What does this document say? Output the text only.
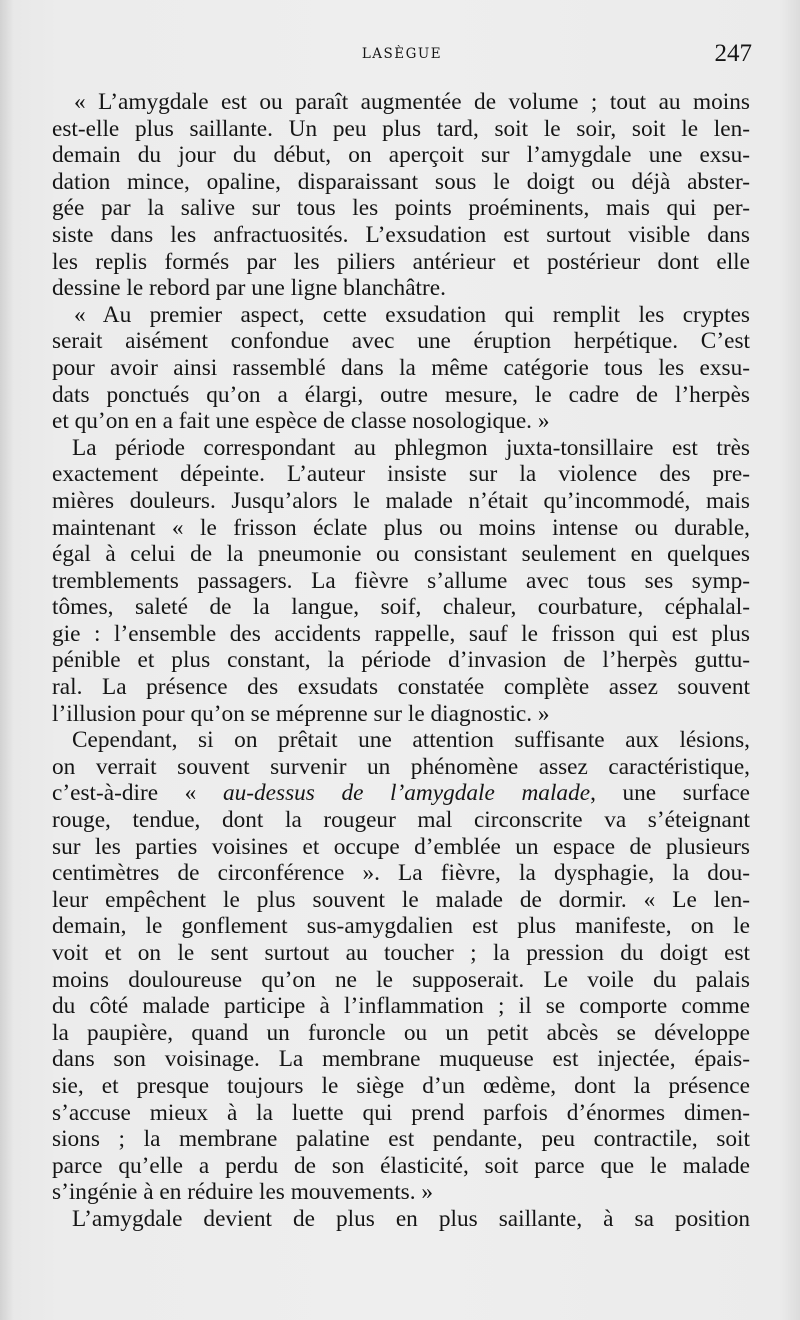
LASÈGUE	247

« L’amygdale est ou paraît augmentée de volume ; tout au moins

est-elle plus saillante. Un peu plus tard, soit le soir, soit le len-

demain du jour du début, on aperçoit sur l’amygdale une exsu-

dation mince, opaline, disparaissant sous le doigt ou déjà abster-

gée par la salive sur tous les points proéminents, mais qui per-

siste dans les anfractuosités. L’exsudation est surtout visible dans

les replis formés par les piliers antérieur et postérieur dont elle

dessine le rebord par une ligne blanchâtre.

« Au premier aspect, cette exsudation qui remplit les cryptes

serait aisément confondue avec une éruption herpétique. C’est

pour avoir ainsi rassemblé dans la même catégorie tous les exsu-

dats ponctués qu’on a élargi, outre mesure, le cadre de l’herpès

et qu’on en a fait une espèce de classe nosologique. »

La période correspondant au phlegmon juxta-tonsillaire est très

exactement dépeinte. L’auteur insiste sur la violence des pre-

mières douleurs. Jusqu’alors le malade n’était qu’incommodé, mais

maintenant « le frisson éclate plus ou moins intense ou durable,

égal à celui de la pneumonie ou consistant seulement en quelques

tremblements passagers. La fièvre s’allume avec tous ses symp-

tômes, saleté de la langue, soif, chaleur, courbature, céphalal-

gie : l’ensemble des accidents rappelle, sauf le frisson qui est plus

pénible et plus constant, la période d’invasion de l’herpès guttu-

ral. La présence des exsudats constatée complète assez souvent

l’illusion pour qu’on se méprenne sur le diagnostic. »

Cependant, si on prêtait une attention suffisante aux lésions,

on verrait souvent survenir un phénomène assez caractéristique,

c’est-à-dire « au-dessus de l’amygdale malade, une surface

rouge, tendue, dont la rougeur mal circonscrite va s’éteignant

sur les parties voisines et occupe d’emblée un espace de plusieurs

centimètres de circonférence ». La fièvre, la dysphagie, la dou-

leur empêchent le plus souvent le malade de dormir. « Le len-

demain, le gonflement sus-amygdalien est plus manifeste, on le

voit et on le sent surtout au toucher ; la pression du doigt est

moins douloureuse qu’on ne le supposerait. Le voile du palais

du côté malade participe à l’inflammation ; il se comporte comme

la paupière, quand un furoncle ou un petit abcès se développe

dans son voisinage. La membrane muqueuse est injectée, épais-

sie, et presque toujours le siège d’un œdème, dont la présence

s’accuse mieux à la luette qui prend parfois d’énormes dimen-

sions ; la membrane palatine est pendante, peu contractile, soit

parce qu’elle a perdu de son élasticité, soit parce que le malade

s’ingénie à en réduire les mouvements. »

L’amygdale devient de plus en plus saillante, à sa position
